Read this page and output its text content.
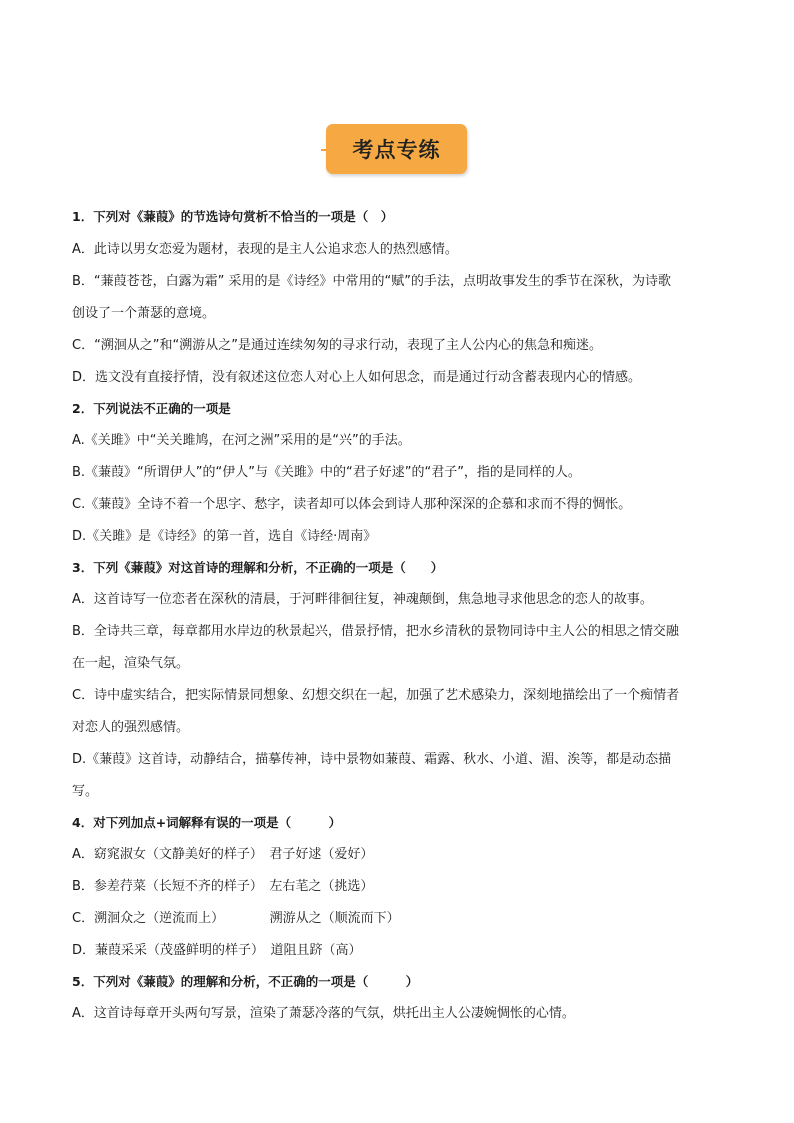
考点专练
1．下列对《蒹葭》的节选诗句赏析不恰当的一项是（　）
A．此诗以男女恋爱为题材，表现的是主人公追求恋人的热烈感情。
B．“蒹葭苍苍，白露为霜” 采用的是《诗经》中常用的“赋”的手法，点明故事发生的季节在深秋，为诗歌
创设了一个萧瑟的意境。
C．“溯洄从之”和“溯游从之”是通过连续匆匆的寻求行动，表现了主人公内心的焦急和痴迷。
D．选文没有直接抒情，没有叙述这位恋人对心上人如何思念，而是通过行动含蓄表现内心的情感。
2．下列说法不正确的一项是
A.《关雎》中“关关雎鸠，在河之洲”采用的是“兴”的手法。
B.《蒹葭》“所谓伊人”的“伊人”与《关雎》中的“君子好逑”的“君子”，指的是同样的人。
C.《蒹葭》全诗不着一个思字、愁字，读者却可以体会到诗人那种深深的企慕和求而不得的惆怅。
D.《关雎》是《诗经》的第一首，选自《诗经·周南》
3．下列《蒹葭》对这首诗的理解和分析，不正确的一项是（　　）
A．这首诗写一位恋者在深秋的清晨，于河畔徘徊往复，神魂颠倒，焦急地寻求他思念的恋人的故事。
B．全诗共三章，每章都用水岸边的秋景起兴，借景抒情，把水乡清秋的景物同诗中主人公的相思之情交融
在一起，渲染气氛。
C．诗中虚实结合，把实际情景同想象、幻想交织在一起，加强了艺术感染力，深刻地描绘出了一个痴情者
对恋人的强烈感情。
D.《蒹葭》这首诗，动静结合，描摹传神，诗中景物如蒹葭、霜露、秋水、小道、湄、涘等，都是动态描
写。
4．对下列加点+词解释有误的一项是（　　　）
A．窈窕淑女（文静美好的样子）　君子好逑（爱好）
B．参差荇菜（长短不齐的样子）　左右芼之（挑选）
C．溯洄众之（逆流而上）　　　　溯游从之（顺流而下）
D．蒹葭采采（茂盛鲜明的样子）　道阻且跻（高）
5．下列对《蒹葭》的理解和分析，不正确的一项是（　　　）
A．这首诗每章开头两句写景，渲染了萧瑟冷落的气氛，烘托出主人公凄婉惆怅的心情。
